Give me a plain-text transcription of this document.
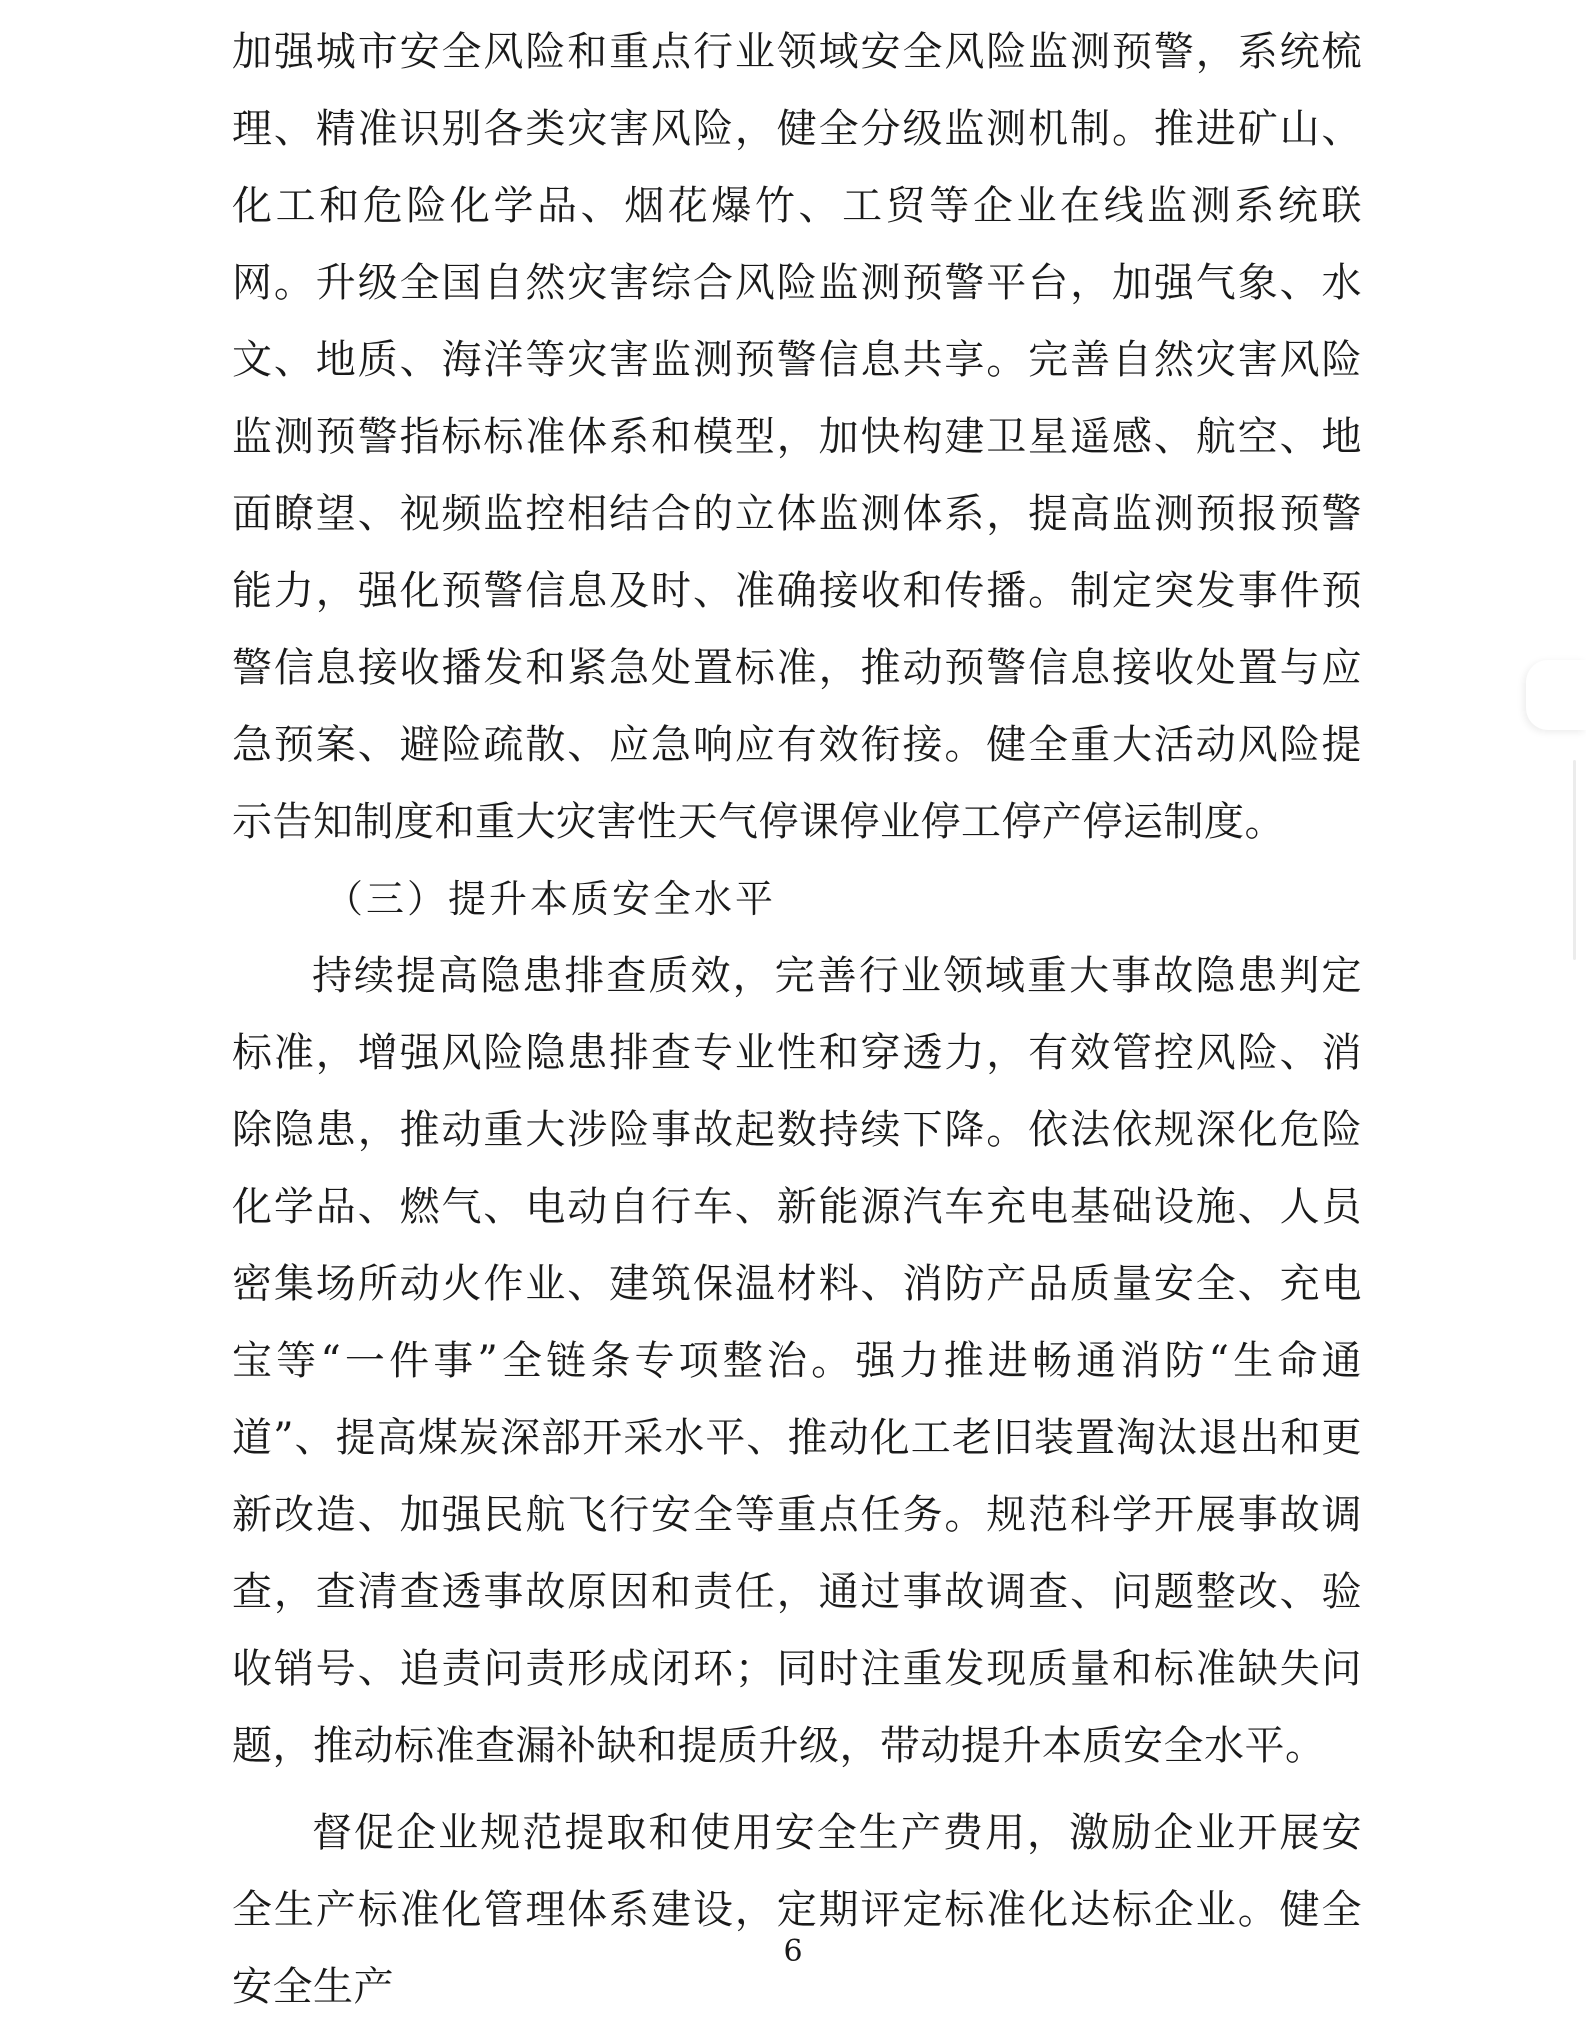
加强城市安全风险和重点行业领域安全风险监测预警，系统梳理、精准识别各类灾害风险，健全分级监测机制。推进矿山、化工和危险化学品、烟花爆竹、工贸等企业在线监测系统联网。升级全国自然灾害综合风险监测预警平台，加强气象、水文、地质、海洋等灾害监测预警信息共享。完善自然灾害风险监测预警指标标准体系和模型，加快构建卫星遥感、航空、地面瞭望、视频监控相结合的立体监测体系，提高监测预报预警能力，强化预警信息及时、准确接收和传播。制定突发事件预警信息接收播发和紧急处置标准，推动预警信息接收处置与应急预案、避险疏散、应急响应有效衔接。健全重大活动风险提示告知制度和重大灾害性天气停课停业停工停产停运制度。

（三）提升本质安全水平

持续提高隐患排查质效，完善行业领域重大事故隐患判定标准，增强风险隐患排查专业性和穿透力，有效管控风险、消除隐患，推动重大涉险事故起数持续下降。依法依规深化危险化学品、燃气、电动自行车、新能源汽车充电基础设施、人员密集场所动火作业、建筑保温材料、消防产品质量安全、充电宝等“一件事”全链条专项整治。强力推进畅通消防“生命通道”、提高煤炭深部开采水平、推动化工老旧装置淘汰退出和更新改造、加强民航飞行安全等重点任务。规范科学开展事故调查，查清查透事故原因和责任，通过事故调查、问题整改、验收销号、追责问责形成闭环；同时注重发现质量和标准缺失问题，推动标准查漏补缺和提质升级，带动提升本质安全水平。

督促企业规范提取和使用安全生产费用，激励企业开展安全生产标准化管理体系建设，定期评定标准化达标企业。健全安全生产

6
